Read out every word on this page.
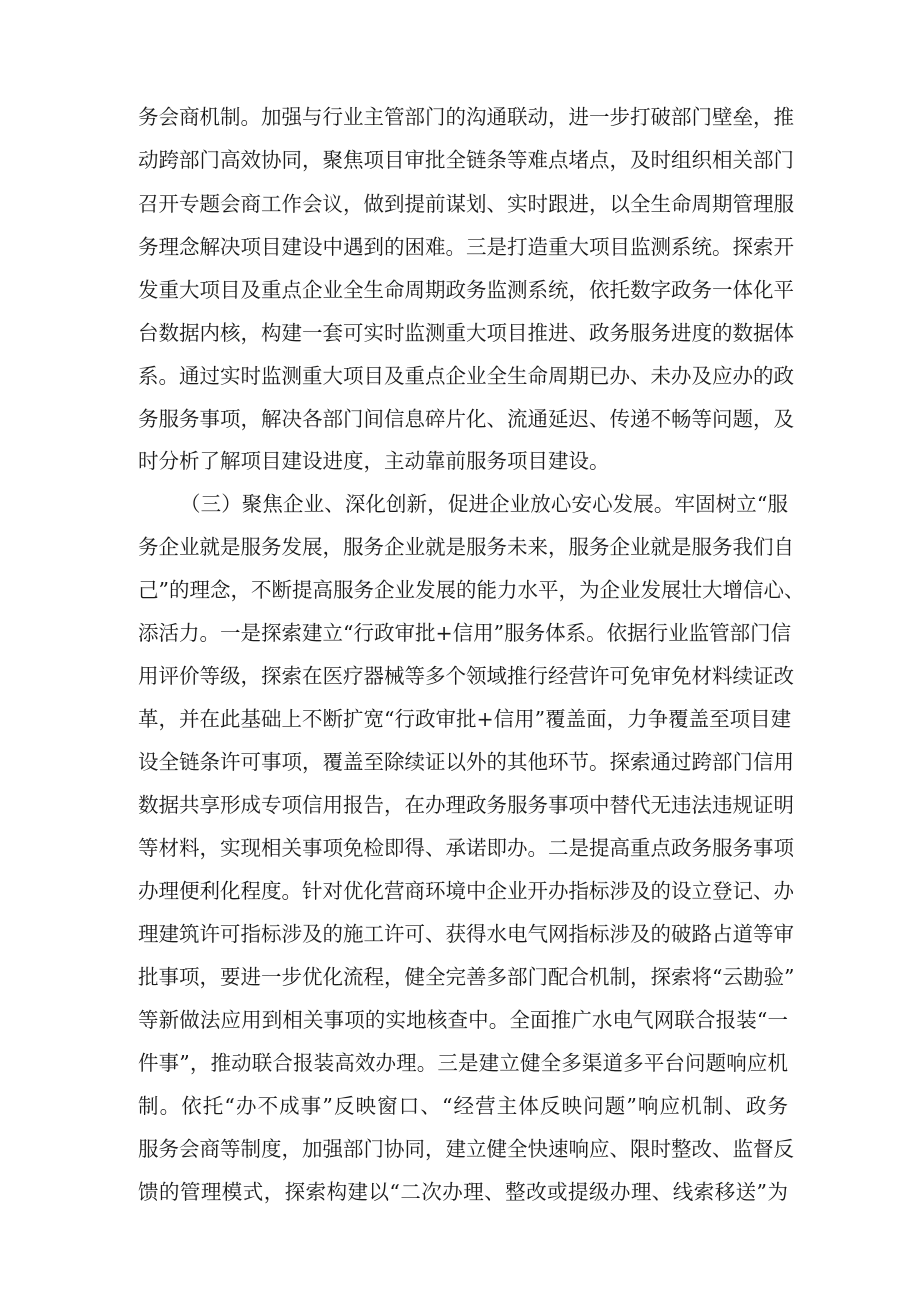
务会商机制。加强与行业主管部门的沟通联动，进一步打破部门壁垒，推
动跨部门高效协同，聚焦项目审批全链条等难点堵点，及时组织相关部门
召开专题会商工作会议，做到提前谋划、实时跟进，以全生命周期管理服
务理念解决项目建设中遇到的困难。三是打造重大项目监测系统。探索开
发重大项目及重点企业全生命周期政务监测系统，依托数字政务一体化平
台数据内核，构建一套可实时监测重大项目推进、政务服务进度的数据体
系。通过实时监测重大项目及重点企业全生命周期已办、未办及应办的政
务服务事项，解决各部门间信息碎片化、流通延迟、传递不畅等问题，及
时分析了解项目建设进度，主动靠前服务项目建设。
（三）聚焦企业、深化创新，促进企业放心安心发展。牢固树立“服
务企业就是服务发展，服务企业就是服务未来，服务企业就是服务我们自
己”的理念，不断提高服务企业发展的能力水平，为企业发展壮大增信心、
添活力。一是探索建立“行政审批+信用”服务体系。依据行业监管部门信
用评价等级，探索在医疗器械等多个领域推行经营许可免审免材料续证改
革，并在此基础上不断扩宽“行政审批+信用”覆盖面，力争覆盖至项目建
设全链条许可事项，覆盖至除续证以外的其他环节。探索通过跨部门信用
数据共享形成专项信用报告，在办理政务服务事项中替代无违法违规证明
等材料，实现相关事项免检即得、承诺即办。二是提高重点政务服务事项
办理便利化程度。针对优化营商环境中企业开办指标涉及的设立登记、办
理建筑许可指标涉及的施工许可、获得水电气网指标涉及的破路占道等审
批事项，要进一步优化流程，健全完善多部门配合机制，探索将“云勘验”
等新做法应用到相关事项的实地核查中。全面推广水电气网联合报装“一
件事”，推动联合报装高效办理。三是建立健全多渠道多平台问题响应机
制。依托“办不成事”反映窗口、“经营主体反映问题”响应机制、政务
服务会商等制度，加强部门协同，建立健全快速响应、限时整改、监督反
馈的管理模式，探索构建以“二次办理、整改或提级办理、线索移送”为
